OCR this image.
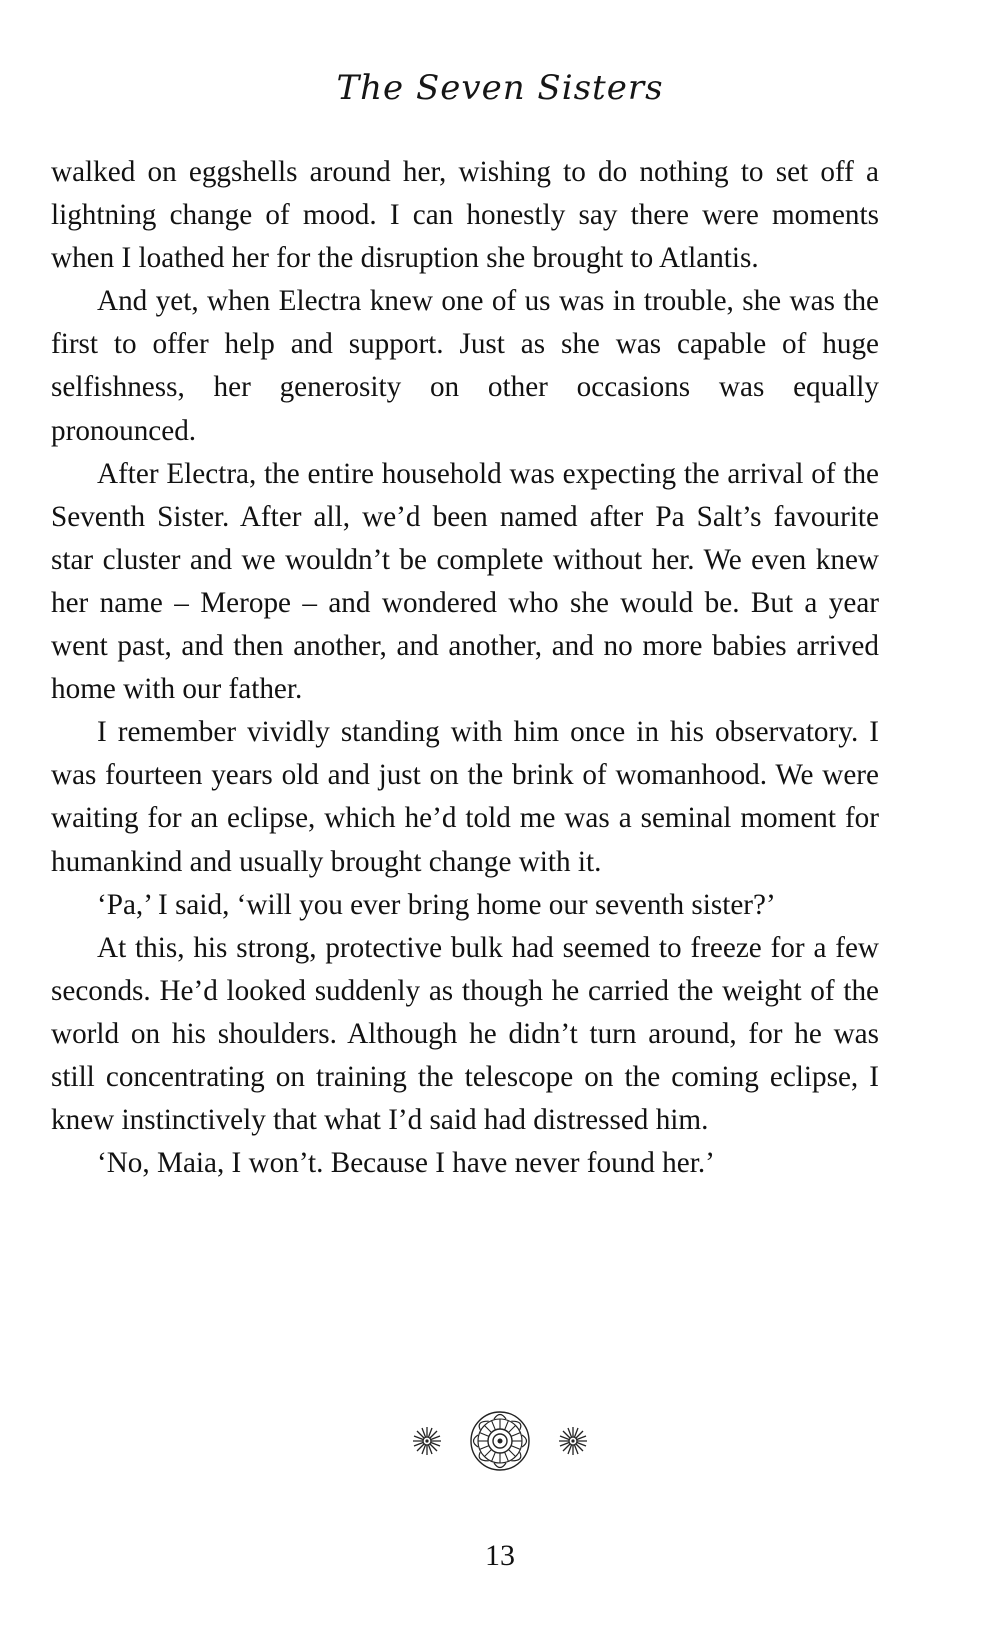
The Seven Sisters

walked on eggshells around her, wishing to do nothing to set off a lightning change of mood. I can honestly say there were moments when I loathed her for the disruption she brought to Atlantis.

And yet, when Electra knew one of us was in trouble, she was the first to offer help and support. Just as she was capable of huge selfishness, her generosity on other occasions was equally pronounced.

After Electra, the entire household was expecting the arrival of the Seventh Sister. After all, we’d been named after Pa Salt’s favourite star cluster and we wouldn’t be complete without her. We even knew her name – Merope – and wondered who she would be. But a year went past, and then another, and another, and no more babies arrived home with our father.

I remember vividly standing with him once in his observatory. I was fourteen years old and just on the brink of womanhood. We were waiting for an eclipse, which he’d told me was a seminal moment for humankind and usually brought change with it.

‘Pa,’ I said, ‘will you ever bring home our seventh sister?’

At this, his strong, protective bulk had seemed to freeze for a few seconds. He’d looked suddenly as though he carried the weight of the world on his shoulders. Although he didn’t turn around, for he was still concentrating on training the telescope on the coming eclipse, I knew instinctively that what I’d said had distressed him.

‘No, Maia, I won’t. Because I have never found her.’

13
